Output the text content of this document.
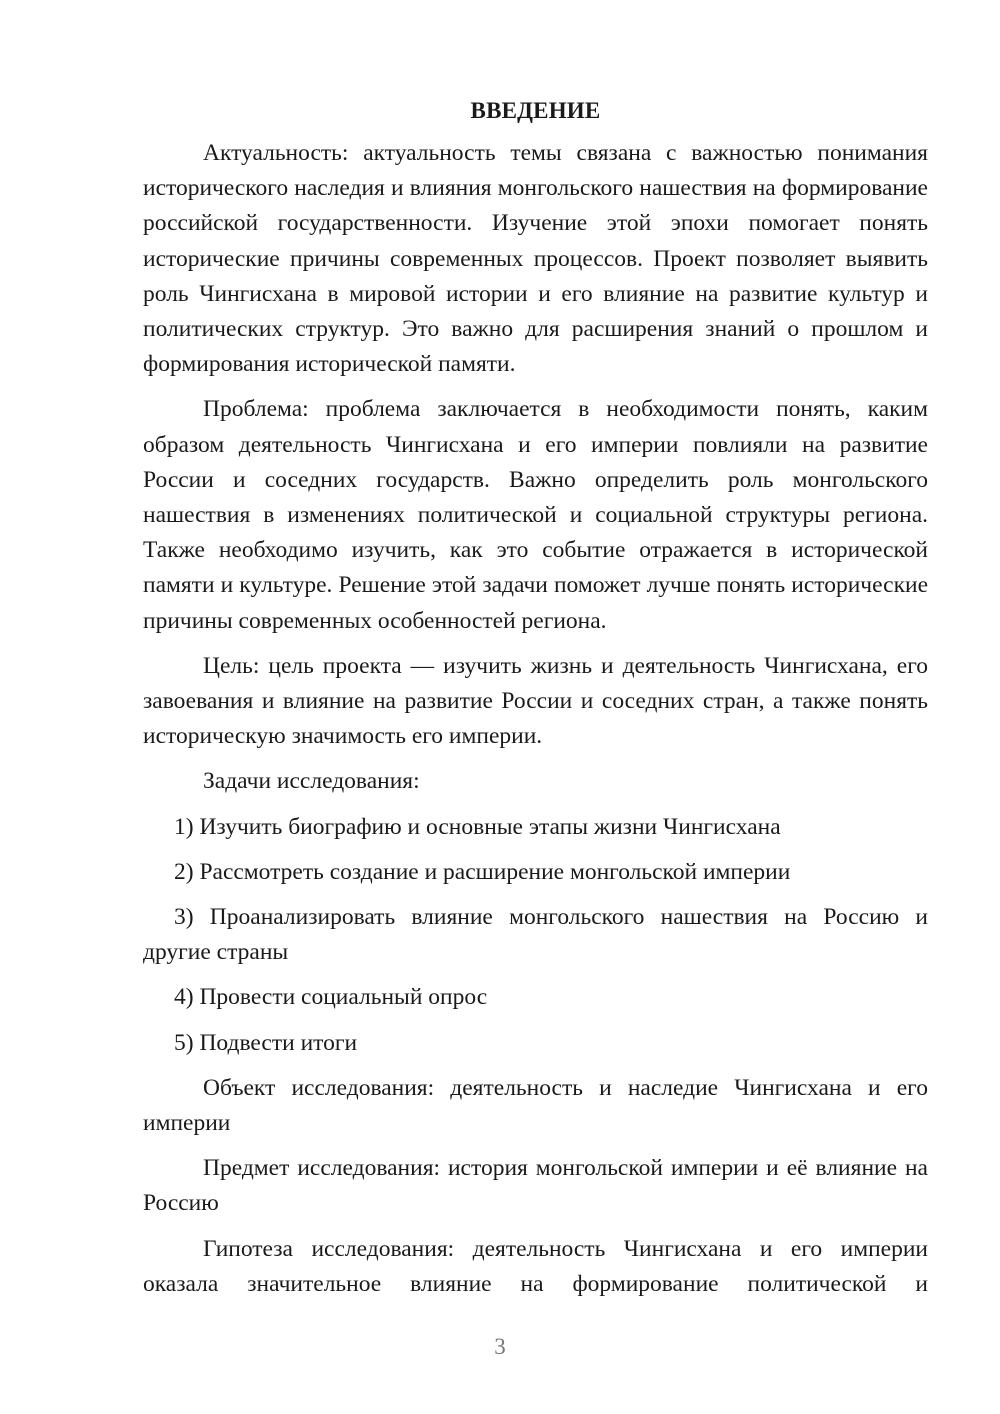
ВВЕДЕНИЕ

Актуальность: актуальность темы связана с важностью понимания исторического наследия и влияния монгольского нашествия на формирование российской государственности. Изучение этой эпохи помогает понять исторические причины современных процессов. Проект позволяет выявить роль Чингисхана в мировой истории и его влияние на развитие культур и политических структур. Это важно для расширения знаний о прошлом и формирования исторической памяти.

Проблема: проблема заключается в необходимости понять, каким образом деятельность Чингисхана и его империи повлияли на развитие России и соседних государств. Важно определить роль монгольского нашествия в изменениях политической и социальной структуры региона. Также необходимо изучить, как это событие отражается в исторической памяти и культуре. Решение этой задачи поможет лучше понять исторические причины современных особенностей региона.

Цель: цель проекта — изучить жизнь и деятельность Чингисхана, его завоевания и влияние на развитие России и соседних стран, а также понять историческую значимость его империи.

Задачи исследования:

1) Изучить биографию и основные этапы жизни Чингисхана

2) Рассмотреть создание и расширение монгольской империи

3) Проанализировать влияние монгольского нашествия на Россию и другие страны

4) Провести социальный опрос

5) Подвести итоги

Объект исследования: деятельность и наследие Чингисхана и его империи

Предмет исследования: история монгольской империи и её влияние на Россию

Гипотеза исследования: деятельность Чингисхана и его империи оказала значительное влияние на формирование политической и

3
